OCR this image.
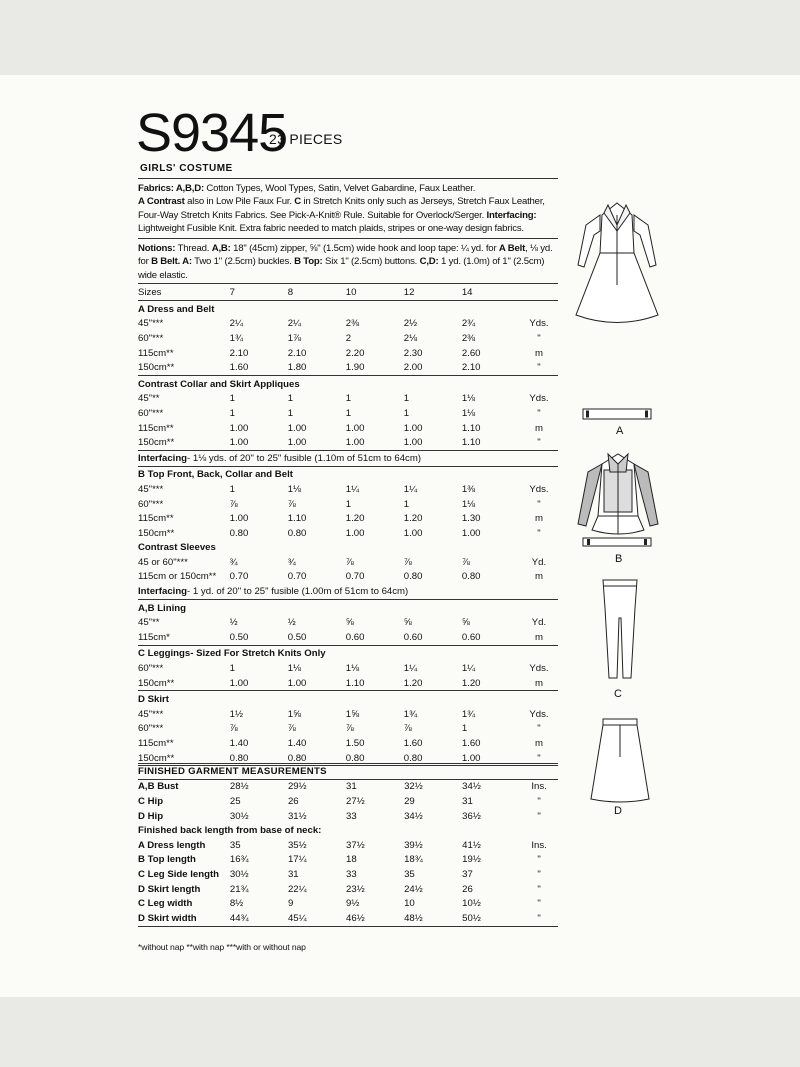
S9345
23 PIECES
GIRLS' COSTUME
Fabrics: A,B,D: Cotton Types, Wool Types, Satin, Velvet Gabardine, Faux Leather.
A Contrast also in Low Pile Faux Fur. C in Stretch Knits only such as Jerseys, Stretch Faux Leather,
Four-Way Stretch Knits Fabrics. See Pick-A-Knit® Rule. Suitable for Overlock/Serger. Interfacing:
Lightweight Fusible Knit. Extra fabric needed to match plaids, stripes or one-way design fabrics.
Notions: Thread. A,B: 18" (45cm) zipper, ⅝" (1.5cm) wide hook and loop tape: ¼ yd. for A Belt, ⅛ yd.
for B Belt. A: Two 1" (2.5cm) buckles. B Top: Six 1" (2.5cm) buttons. C,D: 1 yd. (1.0m) of 1" (2.5cm)
wide elastic.
Sizes	7	8	10	12	14	
A Dress and Belt						
45"***	2¼	2¼	2⅜	2½	2¾	Yds.
60"***	1¾	1⅞	2	2⅛	2⅜	"
115cm**	2.10	2.10	2.20	2.30	2.60	m
150cm**	1.60	1.80	1.90	2.00	2.10	"
Contrast Collar and Skirt Appliques						
45"**	1	1	1	1	1⅛	Yds.
60"***	1	1	1	1	1⅛	"
115cm**	1.00	1.00	1.00	1.00	1.10	m
150cm**	1.00	1.00	1.00	1.00	1.10	"
Interfacing- 1⅛ yds. of 20" to 25" fusible (1.10m of 51cm to 64cm)						
B Top Front, Back, Collar and Belt						
45"***	1	1⅛	1¼	1¼	1⅜	Yds.
60"***	⅞	⅞	1	1	1⅛	"
115cm**	1.00	1.10	1.20	1.20	1.30	m
150cm**	0.80	0.80	1.00	1.00	1.00	"
Contrast Sleeves						
45 or 60"***	¾	¾	⅞	⅞	⅞	Yd.
115cm or 150cm**	0.70	0.70	0.70	0.80	0.80	m
Interfacing- 1 yd. of 20" to 25" fusible (1.00m of 51cm to 64cm)						
A,B Lining						
45"**	½	½	⅝	⅝	⅝	Yd.
115cm*	0.50	0.50	0.60	0.60	0.60	m
C Leggings- Sized For Stretch Knits Only						
60"***	1	1⅛	1⅛	1¼	1¼	Yds.
150cm**	1.00	1.00	1.10	1.20	1.20	m
D Skirt						
45"***	1½	1⅝	1⅝	1¾	1¾	Yds.
60"***	⅞	⅞	⅞	⅞	1	"
115cm**	1.40	1.40	1.50	1.60	1.60	m
150cm**	0.80	0.80	0.80	0.80	1.00	"
FINISHED GARMENT MEASUREMENTS						
A,B Bust	28½	29½	31	32½	34½	Ins.
C Hip	25	26	27½	29	31	"
D Hip	30½	31½	33	34½	36½	"
Finished back length from base of neck:						
A Dress length	35	35½	37½	39½	41½	Ins.
B Top length	16¾	17¼	18	18¾	19½	"
C Leg Side length	30½	31	33	35	37	"
D Skirt length	21¾	22¼	23½	24½	26	"
C Leg width	8½	9	9½	10	10½	"
D Skirt width	44¾	45¼	46½	48½	50½	"
*without nap **with nap ***with or without nap
A
B
C
D
